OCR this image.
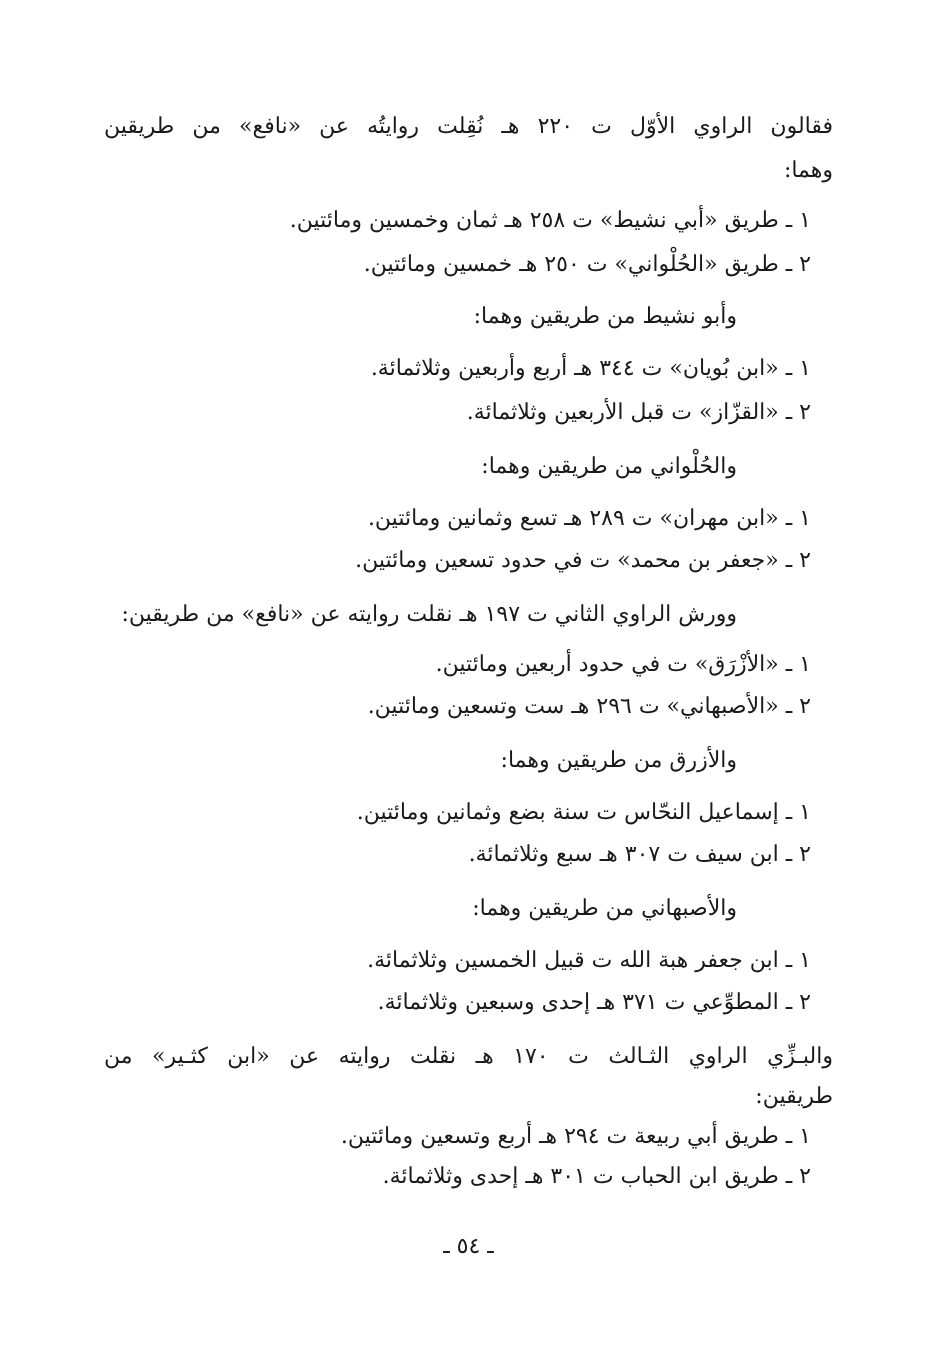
فقالون الراوي الأوّل ت ٢٢٠ هـ نُقِلت روايتُه عن «نافع» من طريقين
وهما:
١ ـ طريق «أبي نشيط» ت ٢٥٨ هـ ثمان وخمسين ومائتين.
٢ ـ طريق «الحُلْواني» ت ٢٥٠ هـ خمسين ومائتين.
وأبو نشيط من طريقين وهما:
١ ـ «ابن بُويان» ت ٣٤٤ هـ أربع وأربعين وثلاثمائة.
٢ ـ «القزّاز» ت قبل الأربعين وثلاثمائة.
والحُلْواني من طريقين وهما:
١ ـ «ابن مهران» ت ٢٨٩ هـ تسع وثمانين ومائتين.
٢ ـ «جعفر بن محمد» ت في حدود تسعين ومائتين.
وورش الراوي الثاني ت ١٩٧ هـ نقلت روايته عن «نافع» من طريقين:
١ ـ «الأزْرَق» ت في حدود أربعين ومائتين.
٢ ـ «الأصبهاني» ت ٢٩٦ هـ ست وتسعين ومائتين.
والأزرق من طريقين وهما:
١ ـ إسماعيل النحّاس ت سنة بضع وثمانين ومائتين.
٢ ـ ابن سيف ت ٣٠٧ هـ سبع وثلاثمائة.
والأصبهاني من طريقين وهما:
١ ـ ابن جعفر هبة الله ت قبيل الخمسين وثلاثمائة.
٢ ـ المطوِّعي ت ٣٧١ هـ إحدى وسبعين وثلاثمائة.
والبـزِّي الراوي الثـالث ت ١٧٠ هـ نقلت روايته عن «ابن كثـير» من
طريقين:
١ ـ طريق أبي ربيعة ت ٢٩٤ هـ أربع وتسعين ومائتين.
٢ ـ طريق ابن الحباب ت ٣٠١ هـ إحدى وثلاثمائة.
ـ ٥٤ ـ
